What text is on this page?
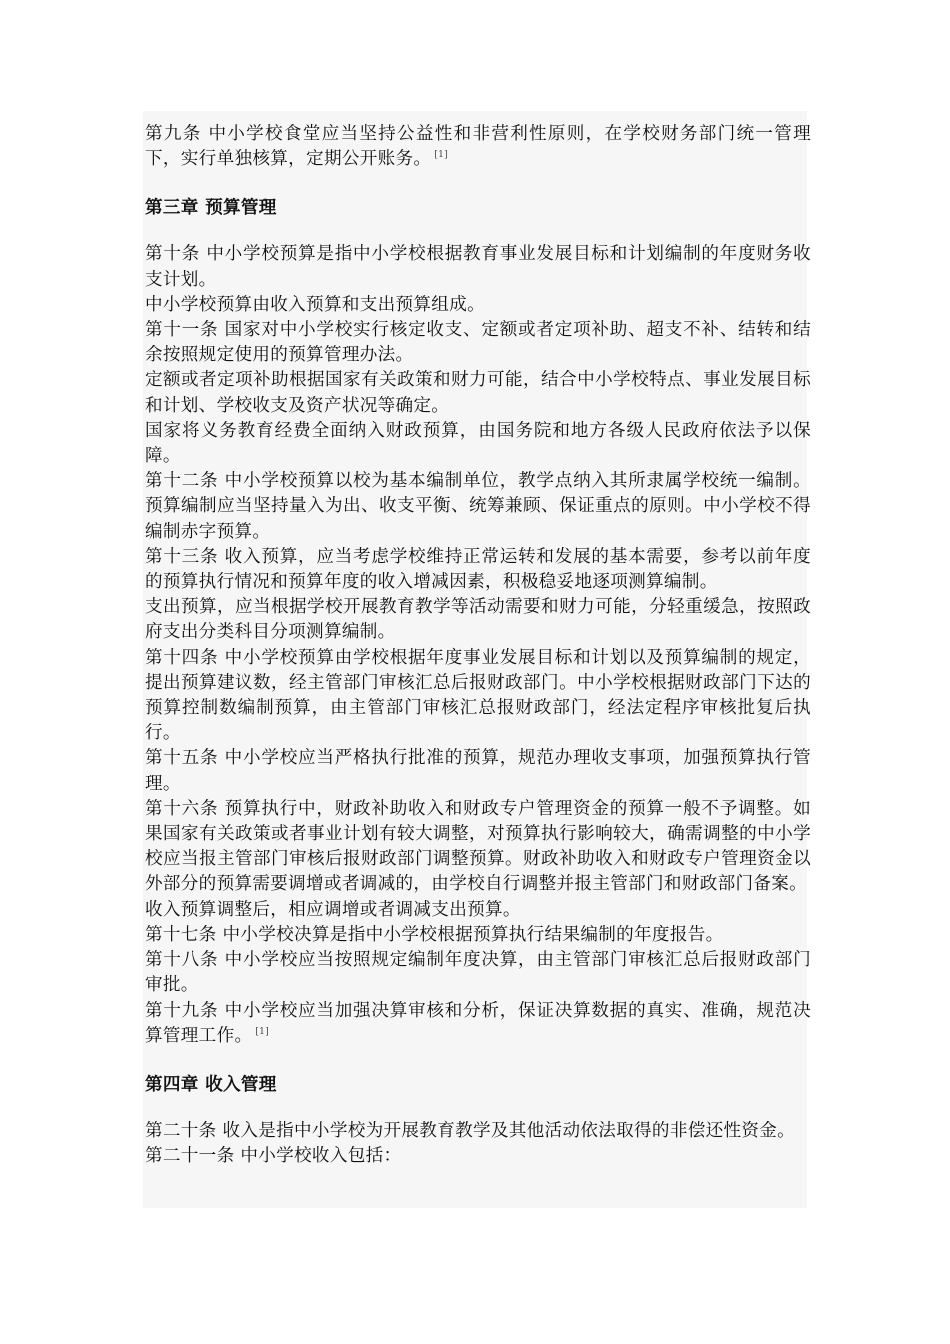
第九条 中小学校食堂应当坚持公益性和非营利性原则，在学校财务部门统一管理下，实行单独核算，定期公开账务。 [1]

第三章 预算管理

第十条 中小学校预算是指中小学校根据教育事业发展目标和计划编制的年度财务收支计划。

中小学校预算由收入预算和支出预算组成。

第十一条 国家对中小学校实行核定收支、定额或者定项补助、超支不补、结转和结余按照规定使用的预算管理办法。

定额或者定项补助根据国家有关政策和财力可能，结合中小学校特点、事业发展目标和计划、学校收支及资产状况等确定。

国家将义务教育经费全面纳入财政预算，由国务院和地方各级人民政府依法予以保障。

第十二条 中小学校预算以校为基本编制单位，教学点纳入其所隶属学校统一编制。预算编制应当坚持量入为出、收支平衡、统筹兼顾、保证重点的原则。中小学校不得编制赤字预算。

第十三条 收入预算，应当考虑学校维持正常运转和发展的基本需要，参考以前年度的预算执行情况和预算年度的收入增减因素，积极稳妥地逐项测算编制。

支出预算，应当根据学校开展教育教学等活动需要和财力可能，分轻重缓急，按照政府支出分类科目分项测算编制。

第十四条 中小学校预算由学校根据年度事业发展目标和计划以及预算编制的规定，提出预算建议数，经主管部门审核汇总后报财政部门。中小学校根据财政部门下达的预算控制数编制预算，由主管部门审核汇总报财政部门，经法定程序审核批复后执行。

第十五条 中小学校应当严格执行批准的预算，规范办理收支事项，加强预算执行管理。

第十六条 预算执行中，财政补助收入和财政专户管理资金的预算一般不予调整。如果国家有关政策或者事业计划有较大调整，对预算执行影响较大，确需调整的中小学校应当报主管部门审核后报财政部门调整预算。财政补助收入和财政专户管理资金以外部分的预算需要调增或者调减的，由学校自行调整并报主管部门和财政部门备案。

收入预算调整后，相应调增或者调减支出预算。

第十七条 中小学校决算是指中小学校根据预算执行结果编制的年度报告。

第十八条 中小学校应当按照规定编制年度决算，由主管部门审核汇总后报财政部门审批。

第十九条 中小学校应当加强决算审核和分析，保证决算数据的真实、准确，规范决算管理工作。 [1]

第四章 收入管理

第二十条 收入是指中小学校为开展教育教学及其他活动依法取得的非偿还性资金。

第二十一条 中小学校收入包括：
